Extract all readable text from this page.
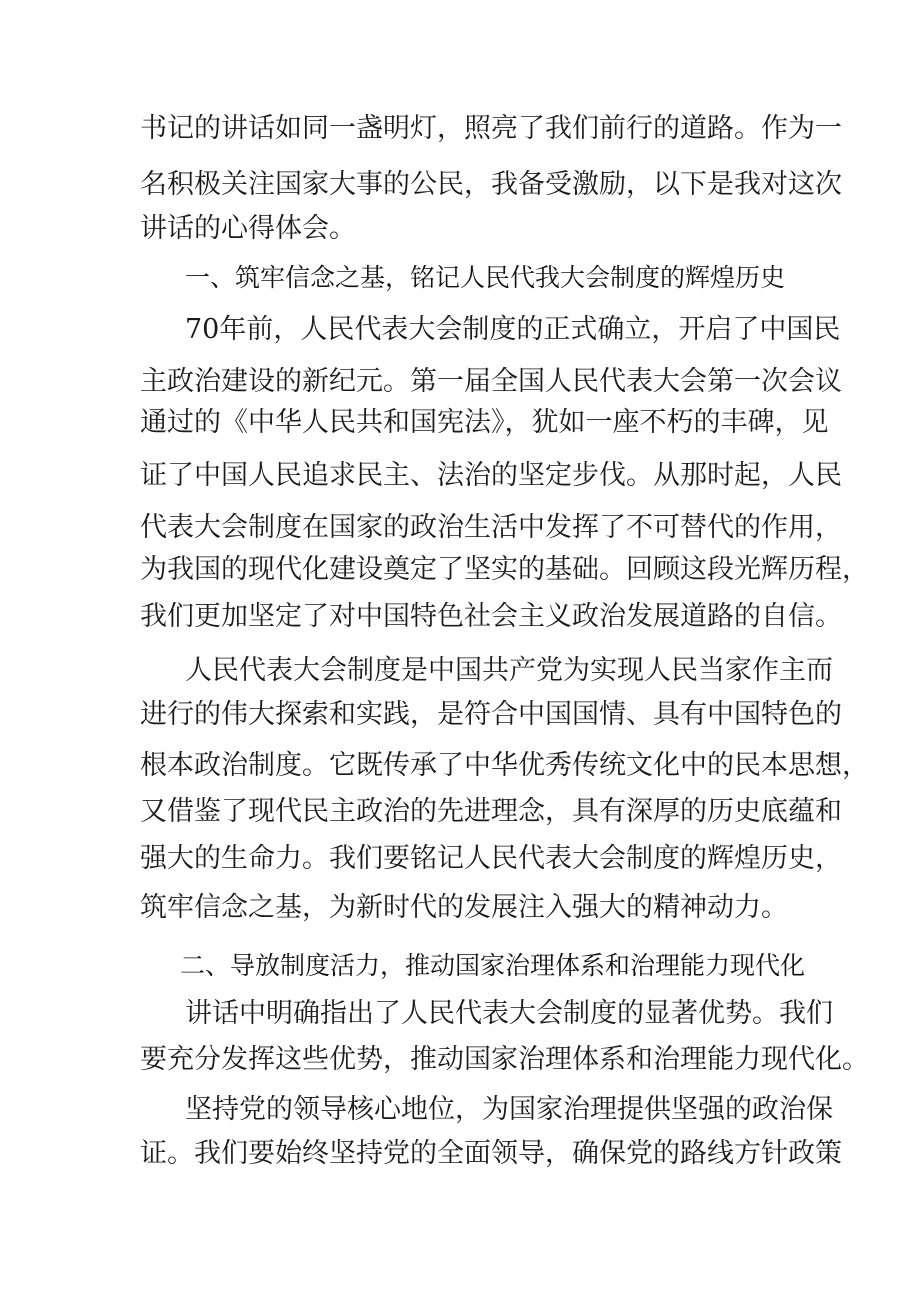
书记的讲话如同一盏明灯，照亮了我们前行的道路。作为一
名积极关注国家大事的公民，我备受激励，以下是我对这次
讲话的心得体会。
一、筑牢信念之基，铭记人民代我大会制度的辉煌历史
70年前，人民代表大会制度的正式确立，开启了中国民
主政治建设的新纪元。第一届全国人民代表大会第一次会议
通过的《中华人民共和国宪法》，犹如一座不朽的丰碑，见
证了中国人民追求民主、法治的坚定步伐。从那时起，人民
代表大会制度在国家的政治生活中发挥了不可替代的作用，
为我国的现代化建设奠定了坚实的基础。回顾这段光辉历程，
我们更加坚定了对中国特色社会主义政治发展道路的自信。
人民代表大会制度是中国共产党为实现人民当家作主而
进行的伟大探索和实践，是符合中国国情、具有中国特色的
根本政治制度。它既传承了中华优秀传统文化中的民本思想，
又借鉴了现代民主政治的先进理念，具有深厚的历史底蕴和
强大的生命力。我们要铭记人民代表大会制度的辉煌历史，
筑牢信念之基，为新时代的发展注入强大的精神动力。
二、导放制度活力，推动国家治理体系和治理能力现代化
讲话中明确指出了人民代表大会制度的显著优势。我们
要充分发挥这些优势，推动国家治理体系和治理能力现代化。
坚持党的领导核心地位，为国家治理提供坚强的政治保
证。我们要始终坚持党的全面领导，确保党的路线方针政策
